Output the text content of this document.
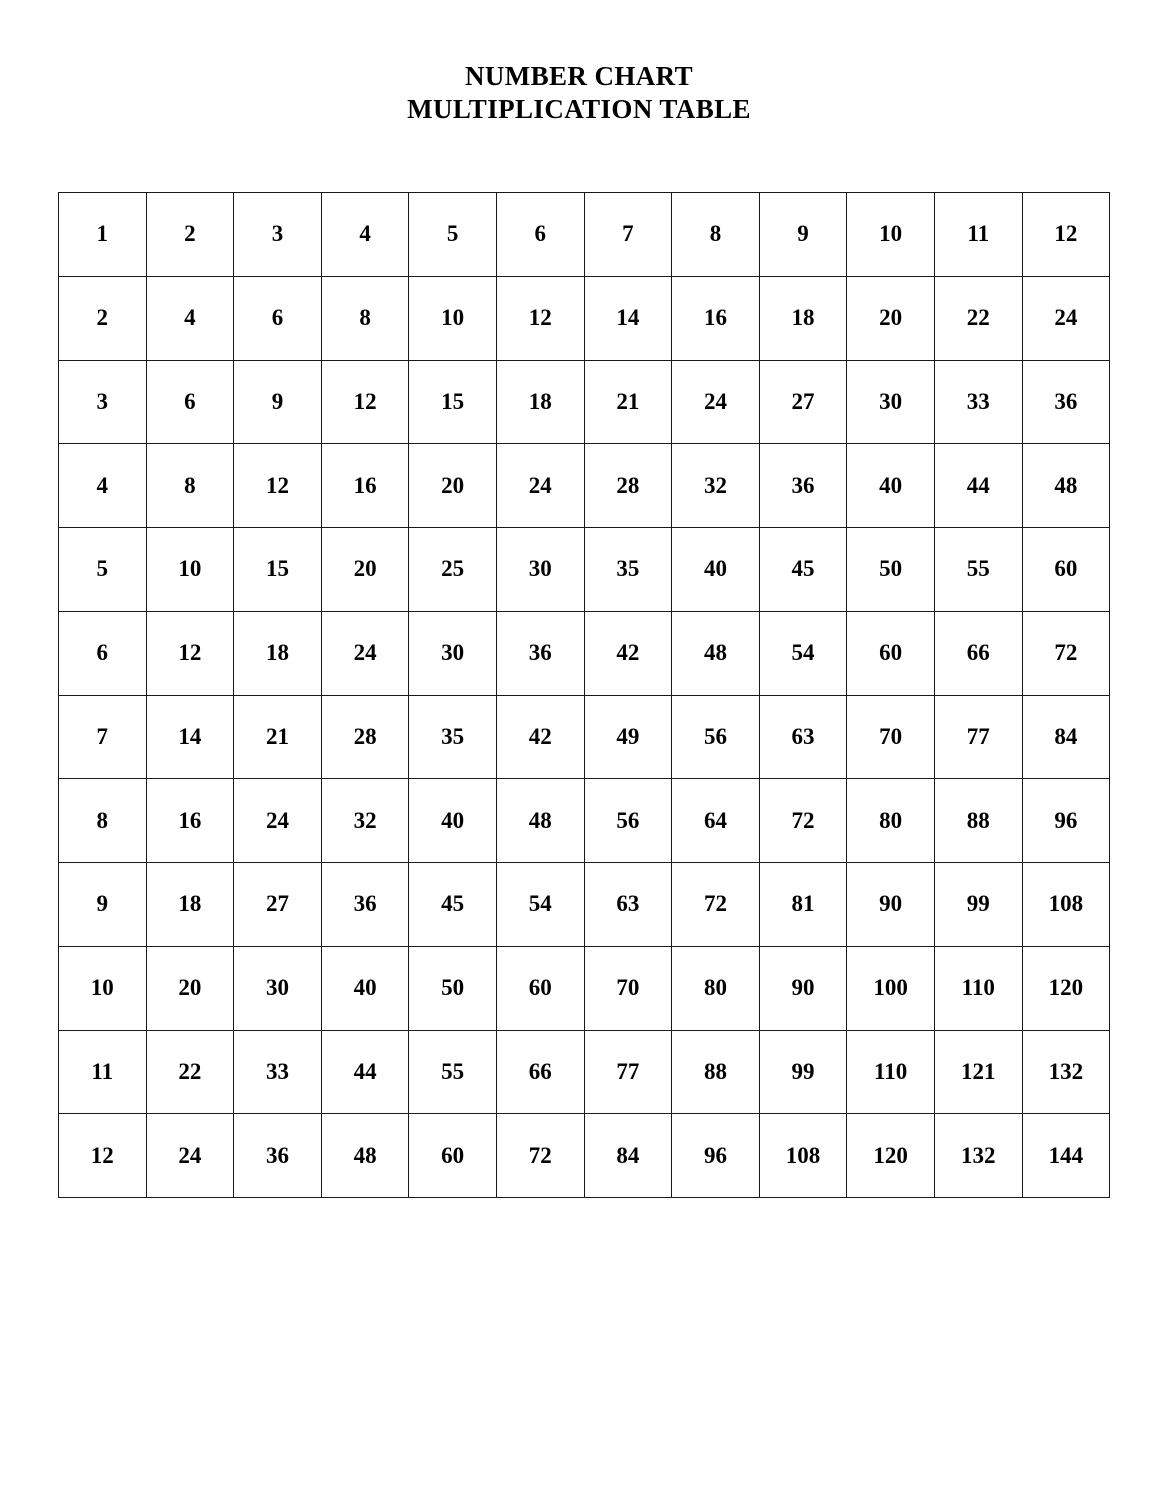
NUMBER CHART
MULTIPLICATION TABLE
1	2	3	4	5	6	7	8	9	10	11	12
2	4	6	8	10	12	14	16	18	20	22	24
3	6	9	12	15	18	21	24	27	30	33	36
4	8	12	16	20	24	28	32	36	40	44	48
5	10	15	20	25	30	35	40	45	50	55	60
6	12	18	24	30	36	42	48	54	60	66	72
7	14	21	28	35	42	49	56	63	70	77	84
8	16	24	32	40	48	56	64	72	80	88	96
9	18	27	36	45	54	63	72	81	90	99	108
10	20	30	40	50	60	70	80	90	100	110	120
11	22	33	44	55	66	77	88	99	110	121	132
12	24	36	48	60	72	84	96	108	120	132	144
